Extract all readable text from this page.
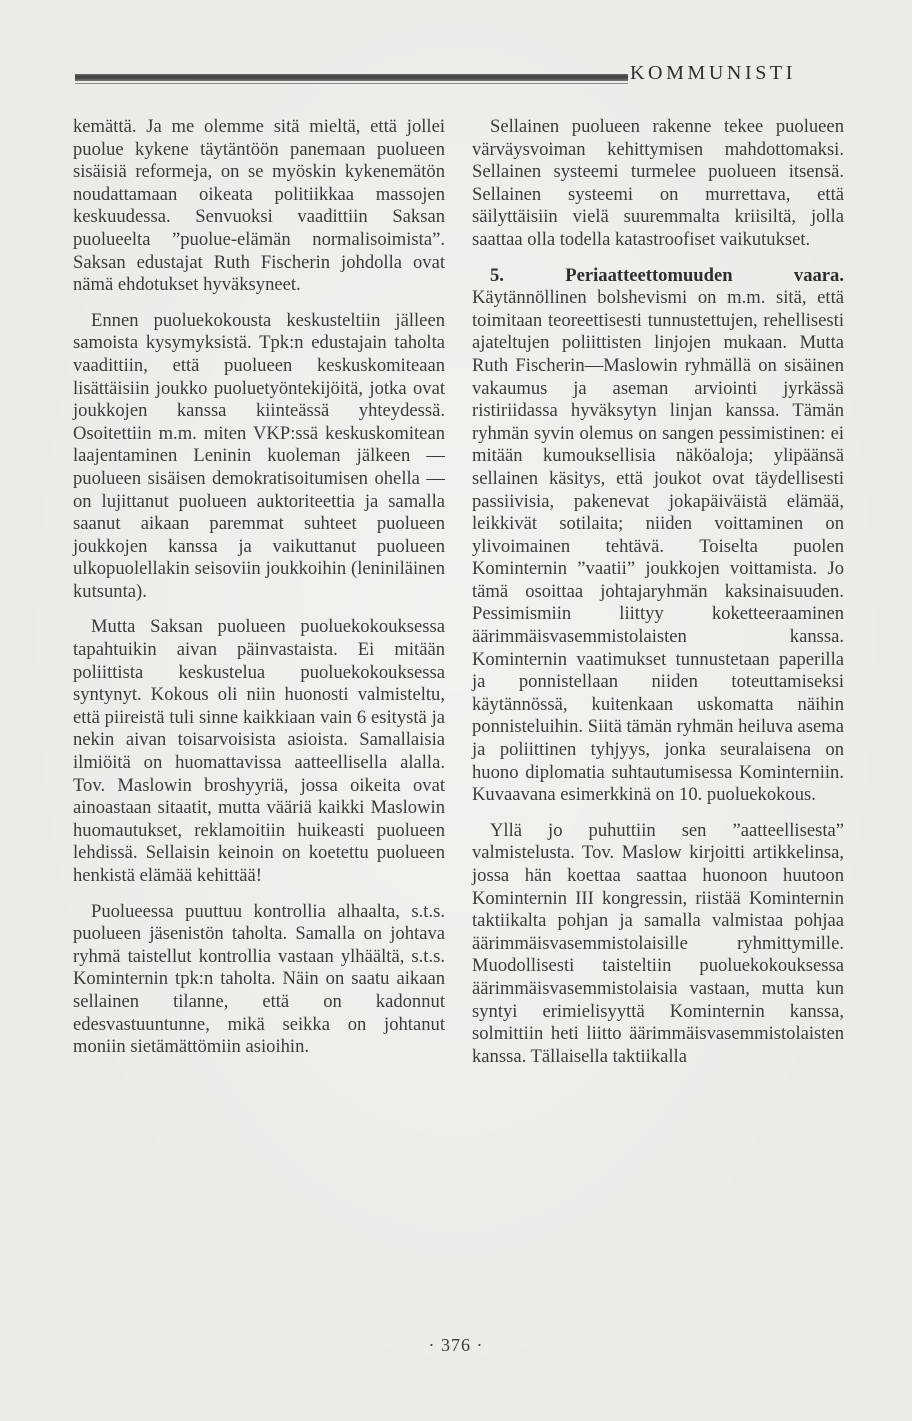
KOMMUNISTI

kemättä. Ja me olemme sitä mieltä, että jollei puolue kykene täytäntöön panemaan puolueen sisäisiä reformeja, on se myöskin kykenemätön noudattamaan oikeata politiikkaa massojen keskuudessa. Senvuoksi vaadittiin Saksan puolueelta ”puolue-elämän normalisoimista”. Saksan edustajat Ruth Fischerin johdolla ovat nämä ehdotukset hyväksyneet.

Ennen puoluekokousta keskusteltiin jälleen samoista kysymyksistä. Tpk:n edustajain taholta vaadittiin, että puolueen keskuskomiteaan lisättäisiin joukko puoluetyöntekijöitä, jotka ovat joukkojen kanssa kiinteässä yhteydessä. Osoitettiin m.m. miten VKP:ssä keskuskomitean laajentaminen Leninin kuoleman jälkeen — puolueen sisäisen demokratisoitumisen ohella — on lujittanut puolueen auktoriteettia ja samalla saanut aikaan paremmat suhteet puolueen joukkojen kanssa ja vaikuttanut puolueen ulkopuolellakin seisoviin joukkoihin (leniniläinen kutsunta).

Mutta Saksan puolueen puoluekokouksessa tapahtuikin aivan päinvastaista. Ei mitään poliittista keskustelua puoluekokouksessa syntynyt. Kokous oli niin huonosti valmisteltu, että piireistä tuli sinne kaikkiaan vain 6 esitystä ja nekin aivan toisarvoisista asioista. Samallaisia ilmiöitä on huomattavissa aatteellisella alalla. Tov. Maslowin broshyyriä, jossa oikeita ovat ainoastaan sitaatit, mutta vääriä kaikki Maslowin huomautukset, reklamoitiin huikeasti puolueen lehdissä. Sellaisin keinoin on koetettu puolueen henkistä elämää kehittää!

Puolueessa puuttuu kontrollia alhaalta, s.t.s. puolueen jäsenistön taholta. Samalla on johtava ryhmä taistellut kontrollia vastaan ylhäältä, s.t.s. Kominternin tpk:n taholta. Näin on saatu aikaan sellainen tilanne, että on kadonnut edesvastuuntunne, mikä seikka on johtanut moniin sietämättömiin asioihin.

Sellainen puolueen rakenne tekee puolueen värväysvoiman kehittymisen mahdottomaksi. Sellainen systeemi turmelee puolueen itsensä. Sellainen systeemi on murrettava, että säilyttäisiin vielä suuremmalta kriisiltä, jolla saattaa olla todella katastroofiset vaikutukset.

5. Periaatteettomuuden vaara. Käytännöllinen bolshevismi on m.m. sitä, että toimitaan teoreettisesti tunnustettujen, rehellisesti ajateltujen poliittisten linjojen mukaan. Mutta Ruth Fischerin—Maslowin ryhmällä on sisäinen vakaumus ja aseman arviointi jyrkässä ristiriidassa hyväksytyn linjan kanssa. Tämän ryhmän syvin olemus on sangen pessimistinen: ei mitään kumouksellisia näköaloja; ylipäänsä sellainen käsitys, että joukot ovat täydellisesti passiivisia, pakenevat jokapäiväistä elämää, leikkivät sotilaita; niiden voittaminen on ylivoimainen tehtävä. Toiselta puolen Kominternin ”vaatii” joukkojen voittamista. Jo tämä osoittaa johtajaryhmän kaksinaisuuden. Pessimismiin liittyy koketteeraaminen äärimmäisvasemmistolaisten kanssa. Kominternin vaatimukset tunnustetaan paperilla ja ponnistellaan niiden toteuttamiseksi käytännössä, kuitenkaan uskomatta näihin ponnisteluihin. Siitä tämän ryhmän heiluva asema ja poliittinen tyhjyys, jonka seuralaisena on huono diplomatia suhtautumisessa Kominterniin. Kuvaavana esimerkkinä on 10. puoluekokous.

Yllä jo puhuttiin sen ”aatteellisesta” valmistelusta. Tov. Maslow kirjoitti artikkelinsa, jossa hän koettaa saattaa huonoon huutoon Kominternin III kongressin, riistää Kominternin taktiikalta pohjan ja samalla valmistaa pohjaa äärimmäisvasemmistolaisille ryhmittymille. Muodollisesti taisteltiin puoluekokouksessa äärimmäisvasemmistolaisia vastaan, mutta kun syntyi erimielisyyttä Kominternin kanssa, solmittiin heti liitto äärimmäisvasemmistolaisten kanssa. Tällaisella taktiikalla

· 376 ·
